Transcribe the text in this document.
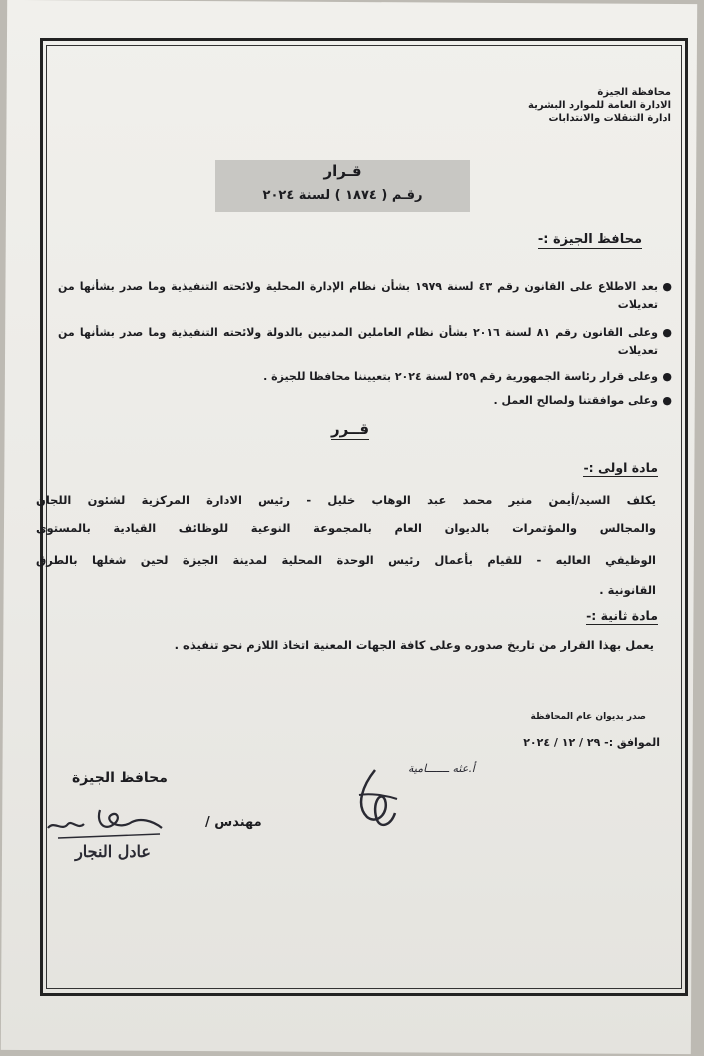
محافظة الجيزة
الادارة العامة للموارد البشرية
ادارة التنقلات والانتدابات
قـرار
رقـم ( ١٨٧٤ ) لسنة ٢٠٢٤
محافظ الجيزة :-
●
بعد الاطلاع على القانون رقم ٤٣ لسنة ١٩٧٩ بشأن نظام الإدارة المحلية ولائحته التنفيذية وما صدر بشأنها من تعديلات
●
وعلى القانون رقم ٨١ لسنة ٢٠١٦ بشأن نظام العاملين المدنيين بالدولة ولائحته التنفيذية وما صدر بشأنها من تعديلات
●
وعلى قرار رئاسة الجمهورية رقم ٢٥٩ لسنة ٢٠٢٤ بتعييننا محافظا للجيزة .
●
وعلى موافقتنا ولصالح العمل .
قــرر
مادة اولى :-
يكلف السيد/أيمن منير محمد عبد الوهاب خليل - رئيس الادارة المركزية لشئون اللجان
والمجالس والمؤتمرات بالديوان العام بالمجموعة النوعية للوظائف القيادية بالمستوى
الوظيفي العاليه - للقيام بأعمال رئيس الوحدة المحلية لمدينة الجيزة لحين شغلها بالطرق
القانونية .
مادة ثانية :-
يعمل بهذا القرار من تاريخ صدوره وعلى كافة الجهات المعنية اتخاذ اللازم نحو تنفيذه .
صدر بديوان عام المحافظة
الموافق :- ٢٩ / ١٢ / ٢٠٢٤
أ.عثه ـــــــامية
محافظ الجيزة
مهندس /
عادل النجار
